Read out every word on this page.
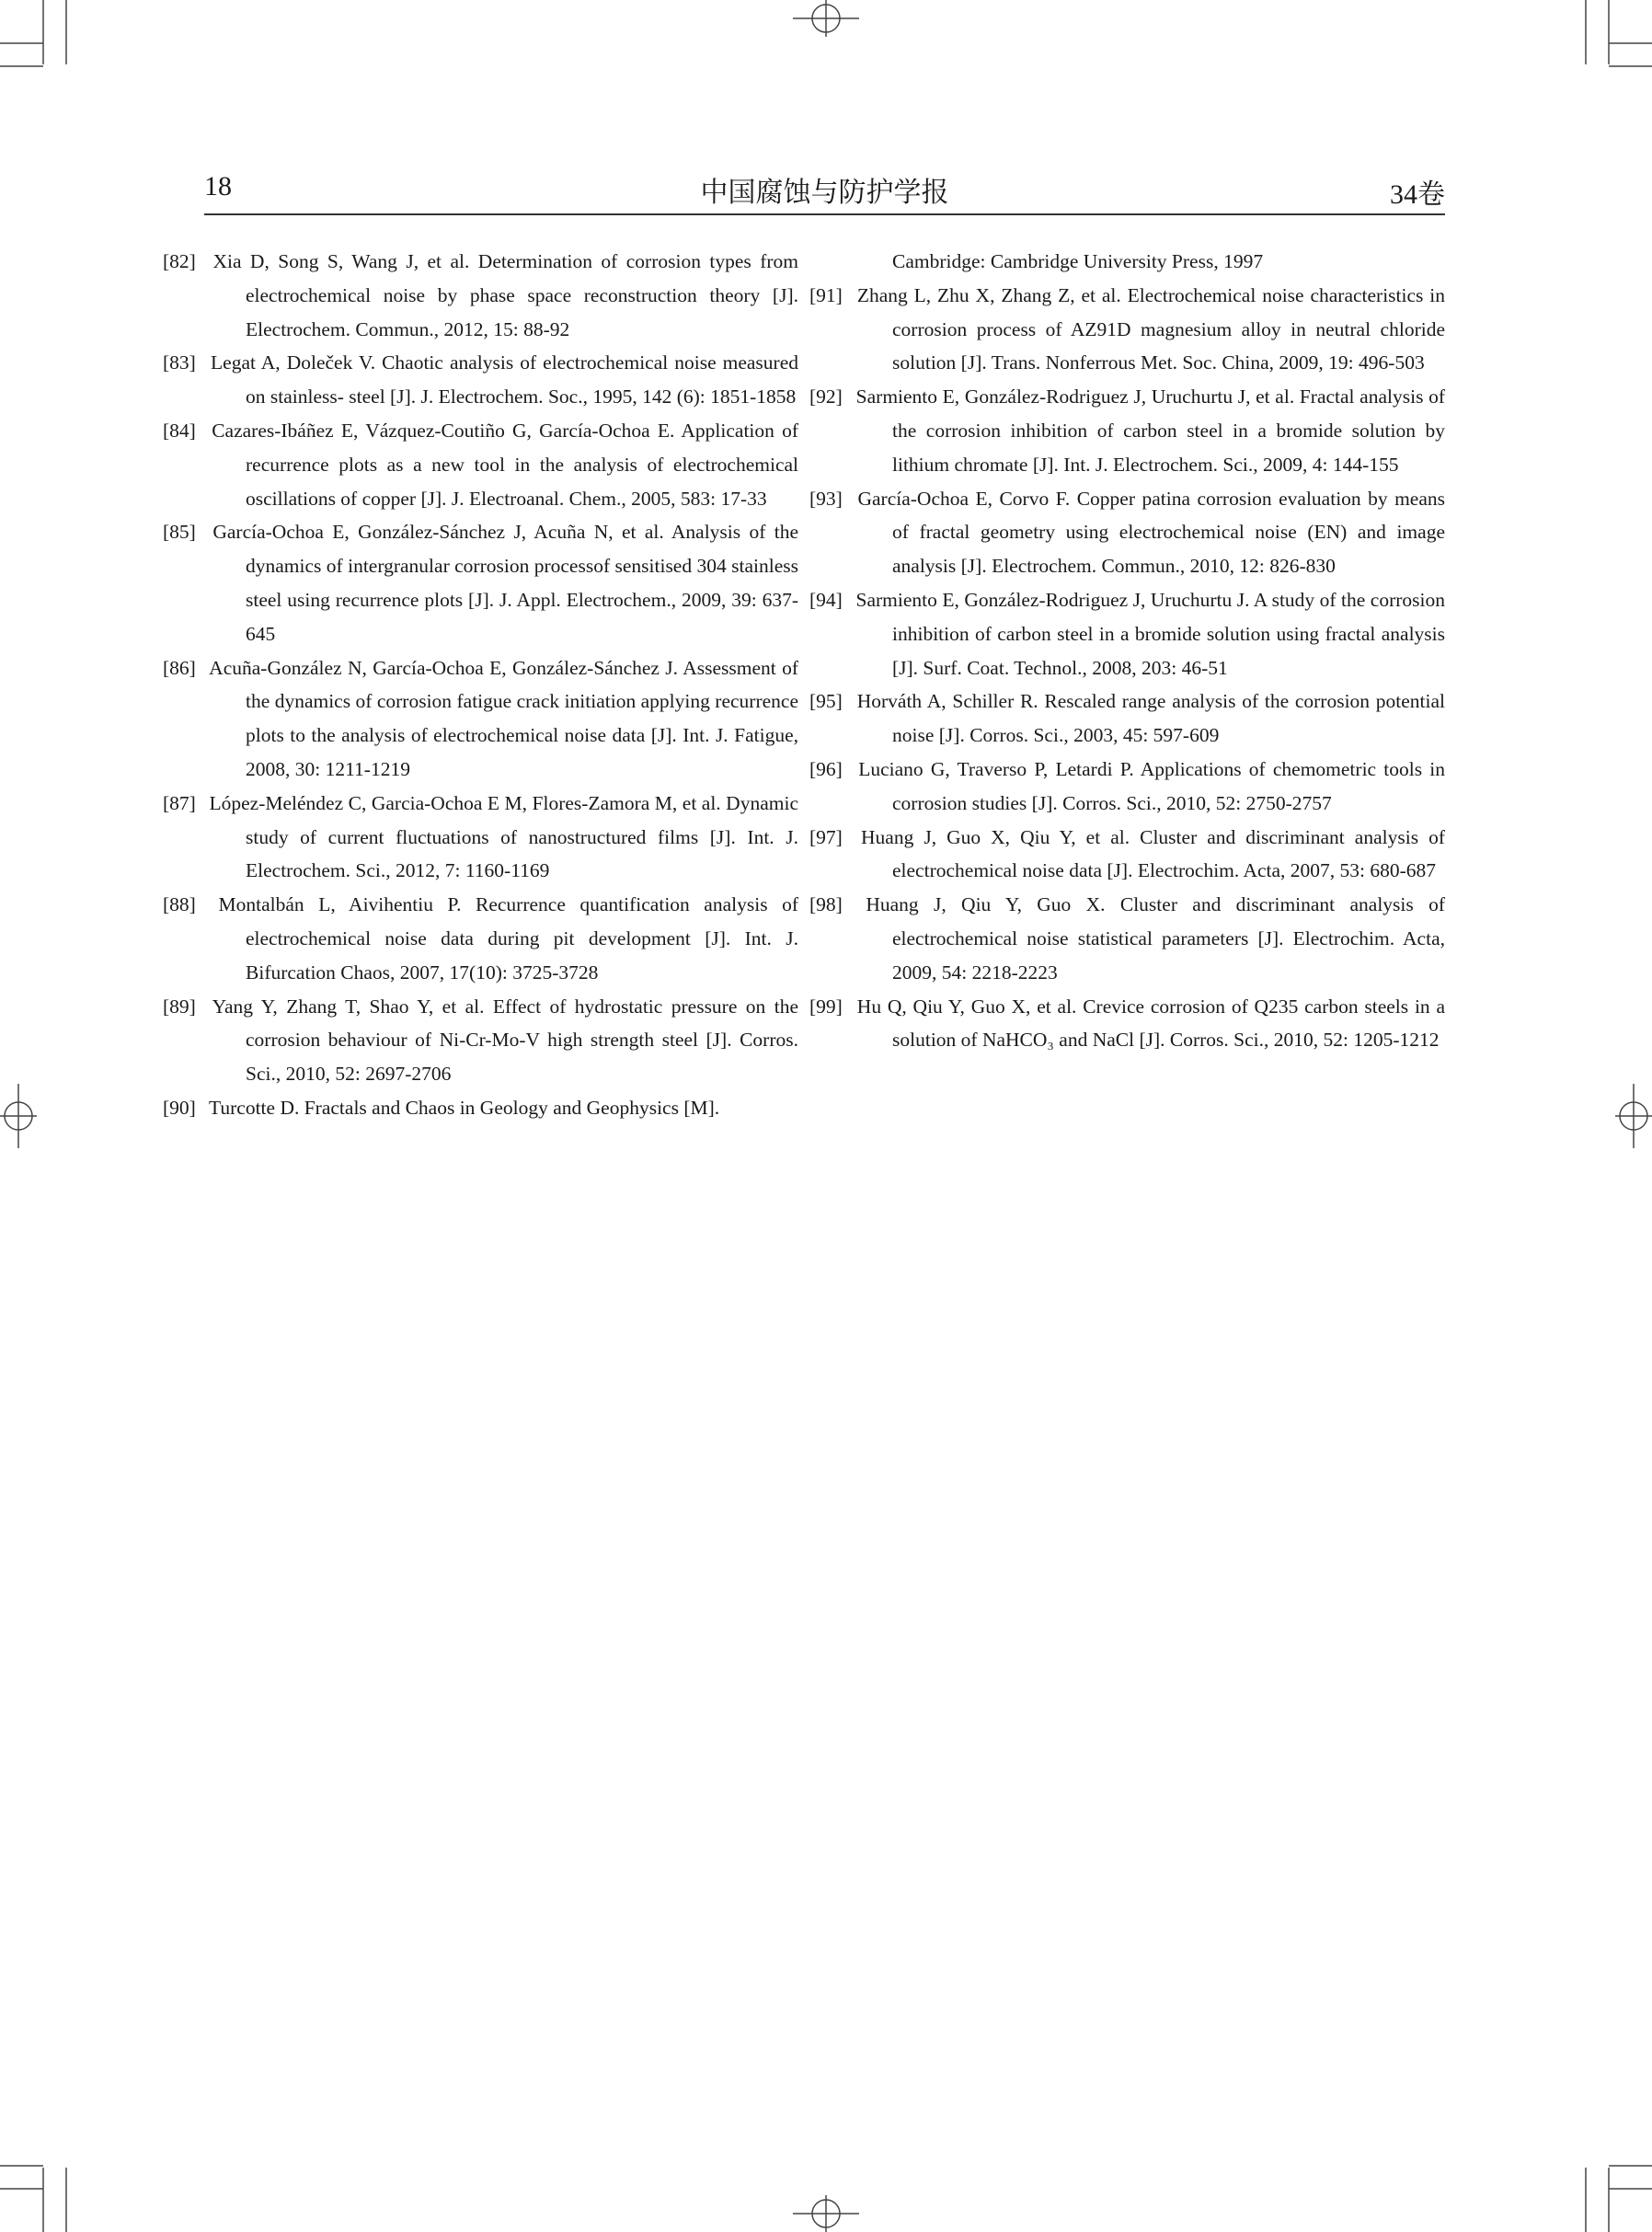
18	中国腐蚀与防护学报	34卷

[82] Xia D, Song S, Wang J, et al. Determination of corrosion types from electrochemical noise by phase space reconstruction theory [J]. Electrochem. Commun., 2012, 15: 88-92

[83] Legat A, Doleček V. Chaotic analysis of electrochemical noise measured on stainless- steel [J]. J. Electrochem. Soc., 1995, 142 (6): 1851-1858

[84] Cazares-Ibáñez E, Vázquez-Coutiño G, García-Ochoa E. Application of recurrence plots as a new tool in the analysis of electrochemical oscillations of copper [J]. J. Electroanal. Chem., 2005, 583: 17-33

[85] García-Ochoa E, González-Sánchez J, Acuña N, et al. Analysis of the dynamics of intergranular corrosion processof sensitised 304 stainless steel using recurrence plots [J]. J. Appl. Electrochem., 2009, 39: 637-645

[86] Acuña-González N, García-Ochoa E, González-Sánchez J. Assessment of the dynamics of corrosion fatigue crack initiation applying recurrence plots to the analysis of electrochemical noise data [J]. Int. J. Fatigue, 2008, 30: 1211-1219

[87] López-Meléndez C, Garcia-Ochoa E M, Flores-Zamora M, et al. Dynamic study of current fluctuations of nanostructured films [J]. Int. J. Electrochem. Sci., 2012, 7: 1160-1169

[88] Montalbán L, Aivihentiu P. Recurrence quantification analysis of electrochemical noise data during pit development [J]. Int. J. Bifurcation Chaos, 2007, 17(10): 3725-3728

[89] Yang Y, Zhang T, Shao Y, et al. Effect of hydrostatic pressure on the corrosion behaviour of Ni-Cr-Mo-V high strength steel [J]. Corros. Sci., 2010, 52: 2697-2706

[90] Turcotte D. Fractals and Chaos in Geology and Geophysics [M].

Cambridge: Cambridge University Press, 1997

[91] Zhang L, Zhu X, Zhang Z, et al. Electrochemical noise characteristics in corrosion process of AZ91D magnesium alloy in neutral chloride solution [J]. Trans. Nonferrous Met. Soc. China, 2009, 19: 496-503

[92] Sarmiento E, González-Rodriguez J, Uruchurtu J, et al. Fractal analysis of the corrosion inhibition of carbon steel in a bromide solution by lithium chromate [J]. Int. J. Electrochem. Sci., 2009, 4: 144-155

[93] García-Ochoa E, Corvo F. Copper patina corrosion evaluation by means of fractal geometry using electrochemical noise (EN) and image analysis [J]. Electrochem. Commun., 2010, 12: 826-830

[94] Sarmiento E, González-Rodriguez J, Uruchurtu J. A study of the corrosion inhibition of carbon steel in a bromide solution using fractal analysis [J]. Surf. Coat. Technol., 2008, 203: 46-51

[95] Horváth A, Schiller R. Rescaled range analysis of the corrosion potential noise [J]. Corros. Sci., 2003, 45: 597-609

[96] Luciano G, Traverso P, Letardi P. Applications of chemometric tools in corrosion studies [J]. Corros. Sci., 2010, 52: 2750-2757

[97] Huang J, Guo X, Qiu Y, et al. Cluster and discriminant analysis of electrochemical noise data [J]. Electrochim. Acta, 2007, 53: 680-687

[98] Huang J, Qiu Y, Guo X. Cluster and discriminant analysis of electrochemical noise statistical parameters [J]. Electrochim. Acta, 2009, 54: 2218-2223

[99] Hu Q, Qiu Y, Guo X, et al. Crevice corrosion of Q235 carbon steels in a solution of NaHCO₃ and NaCl [J]. Corros. Sci., 2010, 52: 1205-1212
